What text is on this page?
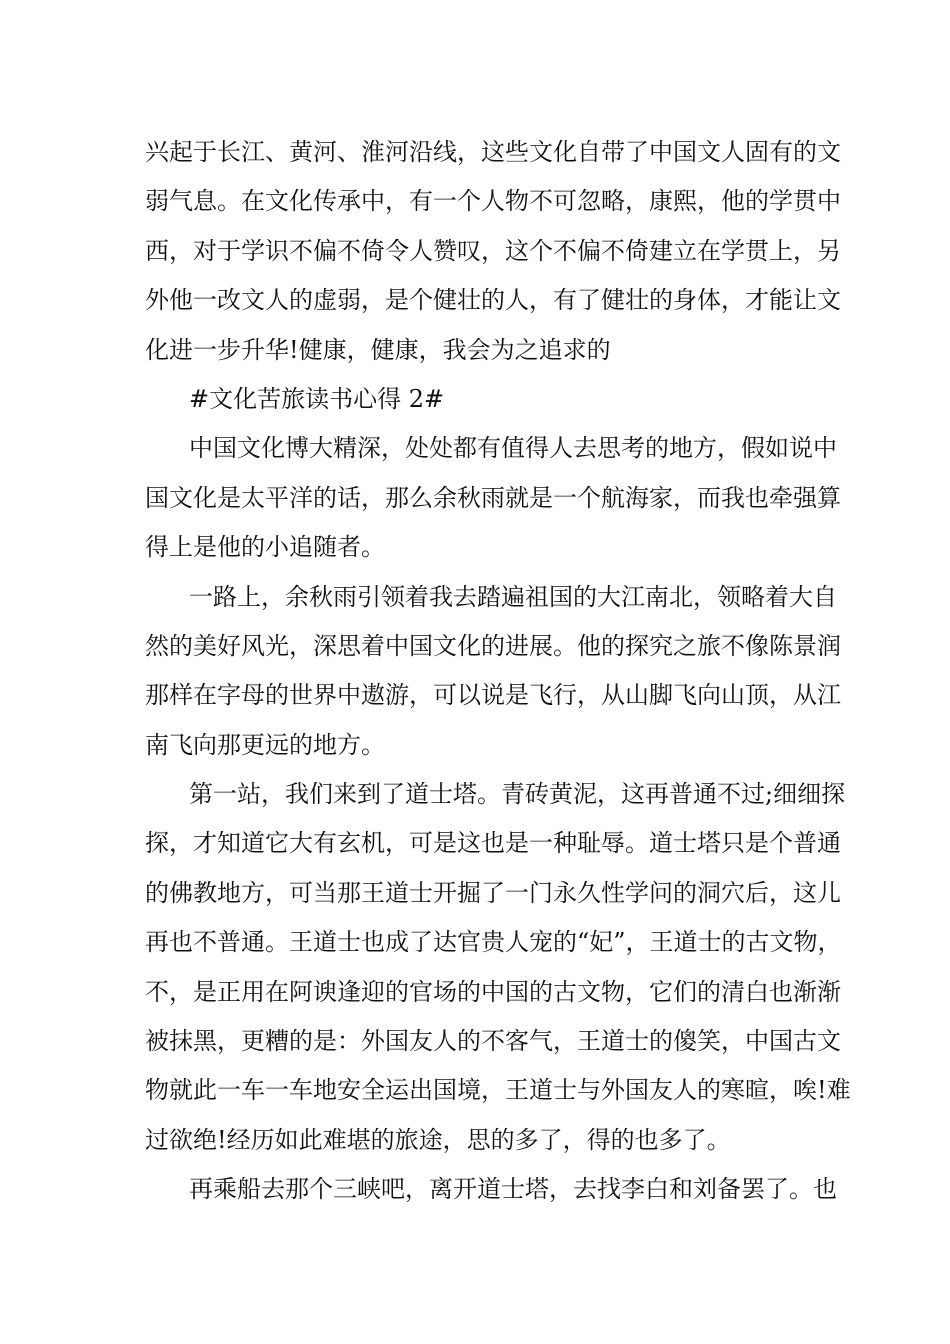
兴起于长江、黄河、淮河沿线，这些文化自带了中国文人固有的文
弱气息。在文化传承中，有一个人物不可忽略，康熙，他的学贯中
西，对于学识不偏不倚令人赞叹，这个不偏不倚建立在学贯上，另
外他一改文人的虚弱，是个健壮的人，有了健壮的身体，才能让文
化进一步升华!健康，健康，我会为之追求的
#文化苦旅读书心得 2#
中国文化博大精深，处处都有值得人去思考的地方，假如说中
国文化是太平洋的话，那么余秋雨就是一个航海家，而我也牵强算
得上是他的小追随者。
一路上，余秋雨引领着我去踏遍祖国的大江南北，领略着大自
然的美好风光，深思着中国文化的进展。他的探究之旅不像陈景润
那样在字母的世界中遨游，可以说是飞行，从山脚飞向山顶，从江
南飞向那更远的地方。
第一站，我们来到了道士塔。青砖黄泥，这再普通不过;细细探
探，才知道它大有玄机，可是这也是一种耻辱。道士塔只是个普通
的佛教地方，可当那王道士开掘了一门永久性学问的洞穴后，这儿
再也不普通。王道士也成了达官贵人宠的“妃”，王道士的古文物，
不，是正用在阿谀逢迎的官场的中国的古文物，它们的清白也渐渐
被抹黑，更糟的是：外国友人的不客气，王道士的傻笑，中国古文
物就此一车一车地安全运出国境，王道士与外国友人的寒暄，唉!难
过欲绝!经历如此难堪的旅途，思的多了，得的也多了。
再乘船去那个三峡吧，离开道士塔，去找李白和刘备罢了。也
